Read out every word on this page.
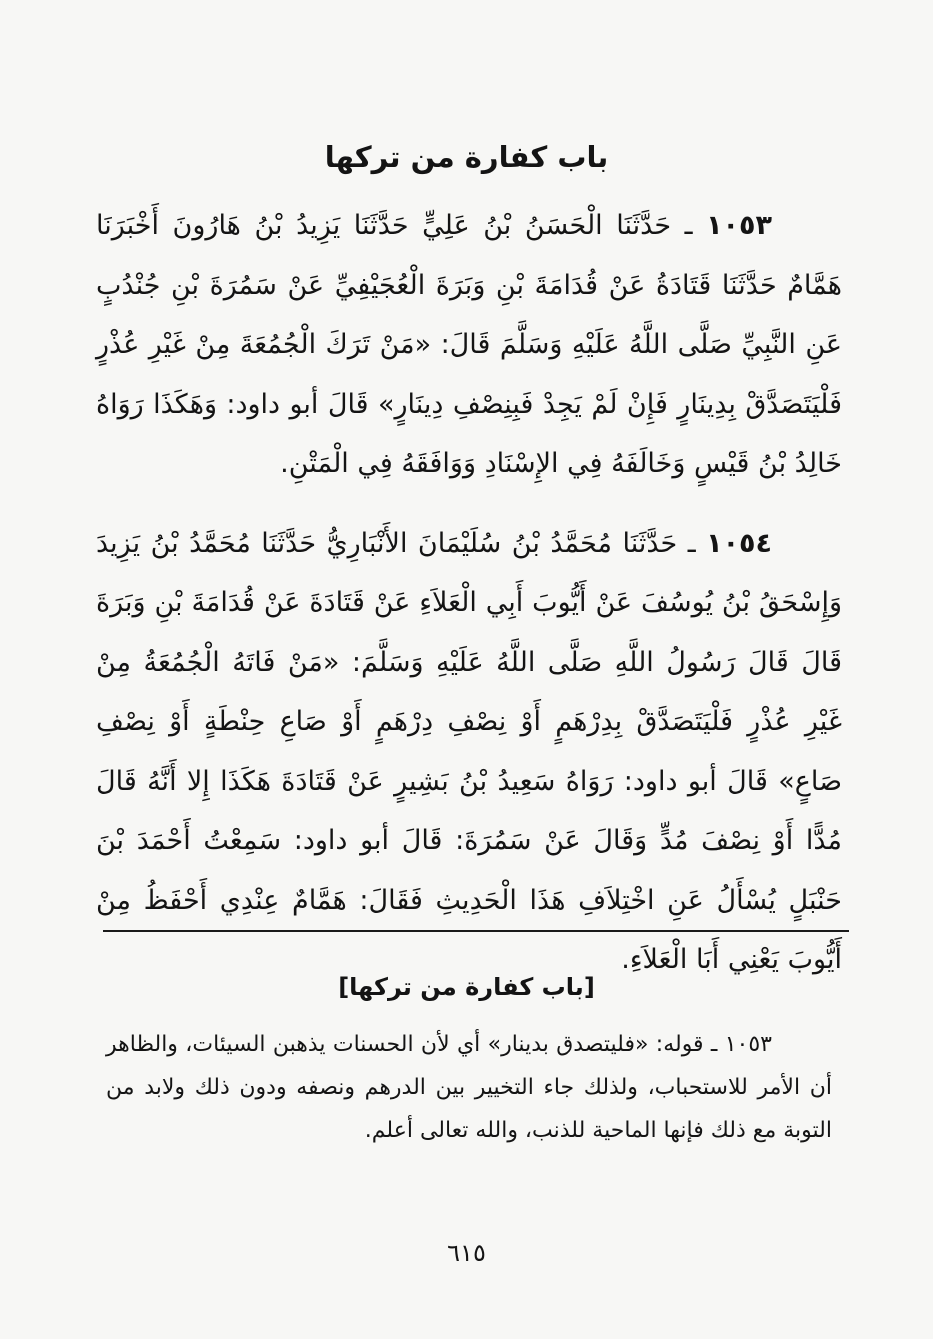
باب كفارة من تركها

١٠٥٣ ـ حَدَّثَنَا الْحَسَنُ بْنُ عَلِيٍّ حَدَّثَنَا يَزِيدُ بْنُ هَارُونَ أَخْبَرَنَا هَمَّامٌ حَدَّثَنَا قَتَادَةُ عَنْ قُدَامَةَ بْنِ وَبَرَةَ الْعُجَيْفِيِّ عَنْ سَمُرَةَ بْنِ جُنْدُبٍ عَنِ النَّبِيِّ صَلَّى اللَّهُ عَلَيْهِ وَسَلَّمَ قَالَ: «مَنْ تَرَكَ الْجُمُعَةَ مِنْ غَيْرِ عُذْرٍ فَلْيَتَصَدَّقْ بِدِينَارٍ فَإِنْ لَمْ يَجِدْ فَبِنِصْفِ دِينَارٍ» قَالَ أبو داود: وَهَكَذَا رَوَاهُ خَالِدُ بْنُ قَيْسٍ وَخَالَفَهُ فِي الإِسْنَادِ وَوَافَقَهُ فِي الْمَتْنِ.

١٠٥٤ ـ حَدَّثَنَا مُحَمَّدُ بْنُ سُلَيْمَانَ الأَنْبَارِيُّ حَدَّثَنَا مُحَمَّدُ بْنُ يَزِيدَ وَإِسْحَقُ بْنُ يُوسُفَ عَنْ أَيُّوبَ أَبِي الْعَلاَءِ عَنْ قَتَادَةَ عَنْ قُدَامَةَ بْنِ وَبَرَةَ قَالَ قَالَ رَسُولُ اللَّهِ صَلَّى اللَّهُ عَلَيْهِ وَسَلَّمَ: «مَنْ فَاتَهُ الْجُمُعَةُ مِنْ غَيْرِ عُذْرٍ فَلْيَتَصَدَّقْ بِدِرْهَمٍ أَوْ نِصْفِ دِرْهَمٍ أَوْ صَاعِ حِنْطَةٍ أَوْ نِصْفِ صَاعٍ» قَالَ أبو داود: رَوَاهُ سَعِيدُ بْنُ بَشِيرٍ عَنْ قَتَادَةَ هَكَذَا إِلا أَنَّهُ قَالَ مُدًّا أَوْ نِصْفَ مُدٍّ وَقَالَ عَنْ سَمُرَةَ: قَالَ أبو داود: سَمِعْتُ أَحْمَدَ بْنَ حَنْبَلٍ يُسْأَلُ عَنِ اخْتِلاَفِ هَذَا الْحَدِيثِ فَقَالَ: هَمَّامٌ عِنْدِي أَحْفَظُ مِنْ أَيُّوبَ يَعْنِي أَبَا الْعَلاَءِ.

[باب كفارة من تركها]

١٠٥٣ ـ قوله: «فليتصدق بدينار» أي لأن الحسنات يذهبن السيئات، والظاهر أن الأمر للاستحباب، ولذلك جاء التخيير بين الدرهم ونصفه ودون ذلك ولابد من التوبة مع ذلك فإنها الماحية للذنب، والله تعالى أعلم.

٦١٥
